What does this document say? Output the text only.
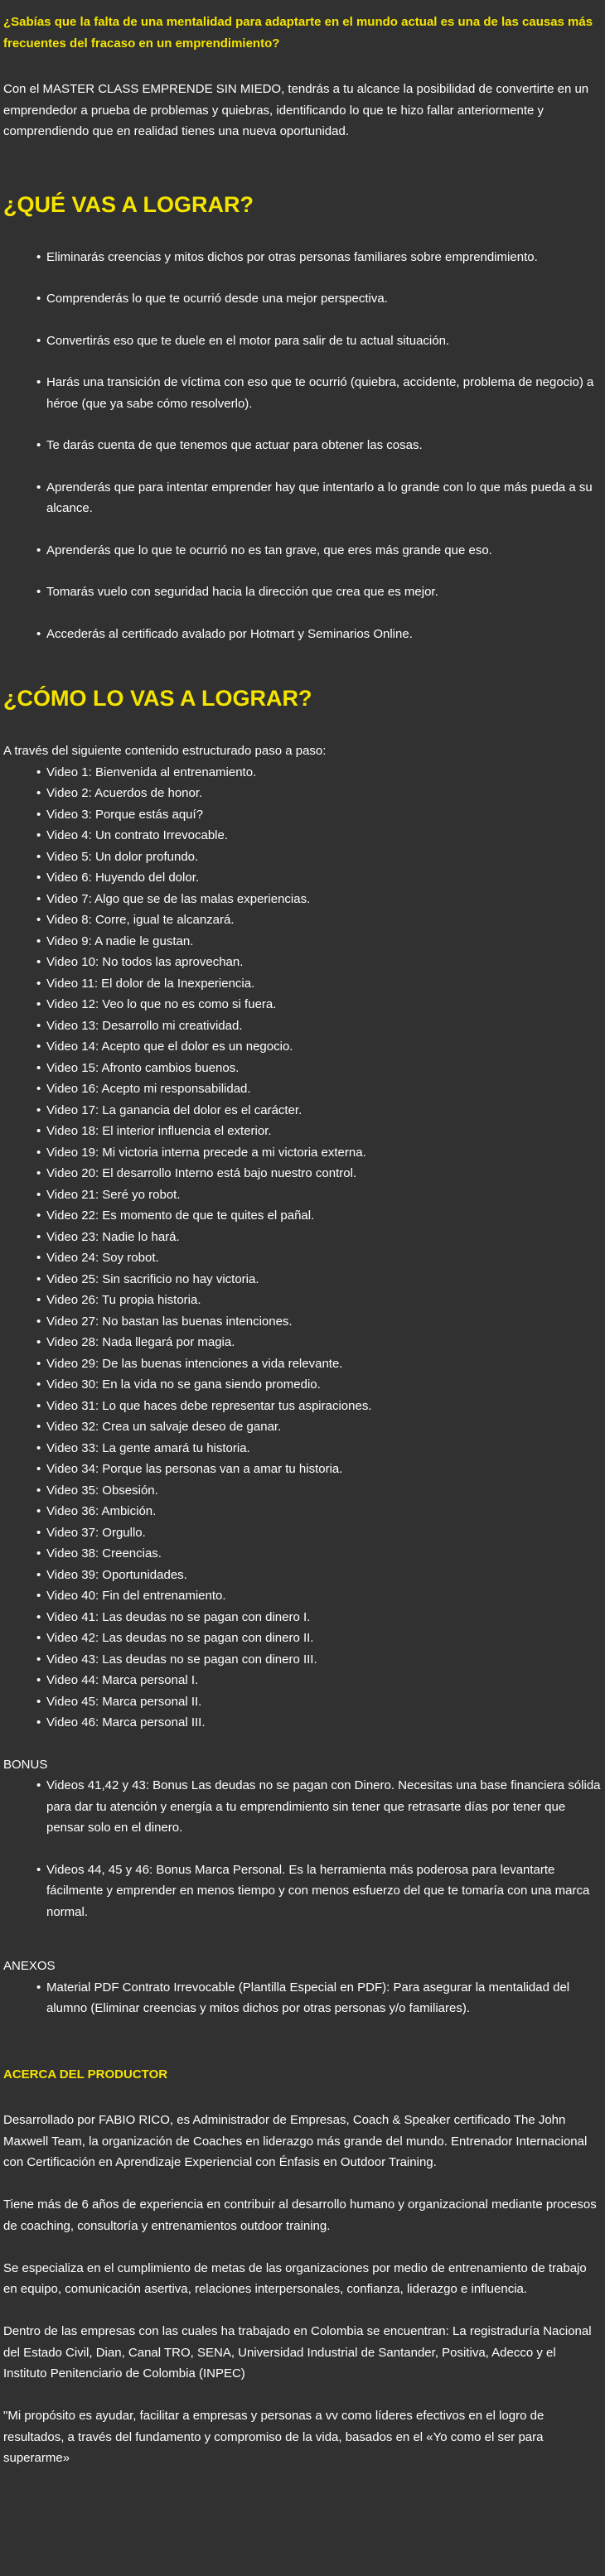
¿Sabías que la falta de una mentalidad para adaptarte en el mundo actual es una de las causas más frecuentes del fracaso en un emprendimiento?

Con el MASTER CLASS EMPRENDE SIN MIEDO, tendrás a tu alcance la posibilidad de convertirte en un emprendedor a prueba de problemas y quiebras, identificando lo que te hizo fallar anteriormente y comprendiendo que en realidad tienes una nueva oportunidad.

¿QUÉ VAS A LOGRAR?
• Eliminarás creencias y mitos dichos por otras personas familiares sobre emprendimiento.
• Comprenderás lo que te ocurrió desde una mejor perspectiva.
• Convertirás eso que te duele en el motor para salir de tu actual situación.
• Harás una transición de víctima con eso que te ocurrió (quiebra, accidente, problema de negocio) a héroe (que ya sabe cómo resolverlo).
• Te darás cuenta de que tenemos que actuar para obtener las cosas.
• Aprenderás que para intentar emprender hay que intentarlo a lo grande con lo que más pueda a su alcance.
• Aprenderás que lo que te ocurrió no es tan grave, que eres más grande que eso.
• Tomarás vuelo con seguridad hacia la dirección que crea que es mejor.
• Accederás al certificado avalado por Hotmart y Seminarios Online.
¿CÓMO LO VAS A LOGRAR?

A través del siguiente contenido estructurado paso a paso:

• Video 1: Bienvenida al entrenamiento.
• Video 2: Acuerdos de honor.
• Video 3: Porque estás aquí?
• Video 4: Un contrato Irrevocable.
• Video 5: Un dolor profundo.
• Video 6: Huyendo del dolor.
• Video 7: Algo que se de las malas experiencias.
• Video 8: Corre, igual te alcanzará.
• Video 9: A nadie le gustan.
• Video 10: No todos las aprovechan.
• Video 11: El dolor de la Inexperiencia.
• Video 12: Veo lo que no es como si fuera.
• Video 13: Desarrollo mi creatividad.
• Video 14: Acepto que el dolor es un negocio.
• Video 15: Afronto cambios buenos.
• Video 16: Acepto mi responsabilidad.
• Video 17: La ganancia del dolor es el carácter.
• Video 18: El interior influencia el exterior.
• Video 19: Mi victoria interna precede a mi victoria externa.
• Video 20: El desarrollo Interno está bajo nuestro control.
• Video 21: Seré yo robot.
• Video 22: Es momento de que te quites el pañal.
• Video 23: Nadie lo hará.
• Video 24: Soy robot.
• Video 25: Sin sacrificio no hay victoria.
• Video 26: Tu propia historia.
• Video 27: No bastan las buenas intenciones.
• Video 28: Nada llegará por magia.
• Video 29: De las buenas intenciones a vida relevante.
• Video 30: En la vida no se gana siendo promedio.
• Video 31: Lo que haces debe representar tus aspiraciones.
• Video 32: Crea un salvaje deseo de ganar.
• Video 33: La gente amará tu historia.
• Video 34: Porque las personas van a amar tu historia.
• Video 35: Obsesión.
• Video 36: Ambición.
• Video 37: Orgullo.
• Video 38: Creencias.
• Video 39: Oportunidades.
• Video 40: Fin del entrenamiento.
• Video 41: Las deudas no se pagan con dinero I.
• Video 42: Las deudas no se pagan con dinero II.
• Video 43: Las deudas no se pagan con dinero III.
• Video 44: Marca personal I.
• Video 45: Marca personal II.
• Video 46: Marca personal III.

BONUS

• Videos 41,42 y 43: Bonus Las deudas no se pagan con Dinero. Necesitas una base financiera sólida para dar tu atención y energía a tu emprendimiento sin tener que retrasarte días por tener que pensar solo en el dinero.
• Videos 44, 45 y 46: Bonus Marca Personal. Es la herramienta más poderosa para levantarte fácilmente y emprender en menos tiempo y con menos esfuerzo del que te tomaría con una marca normal.

ANEXOS

• Material PDF Contrato Irrevocable (Plantilla Especial en PDF): Para asegurar la mentalidad del alumno (Eliminar creencias y mitos dichos por otras personas y/o familiares).

ACERCA DEL PRODUCTOR

Desarrollado por FABIO RICO, es Administrador de Empresas, Coach & Speaker certificado The John Maxwell Team, la organización de Coaches en liderazgo más grande del mundo. Entrenador Internacional con Certificación en Aprendizaje Experiencial con Énfasis en Outdoor Training.

Tiene más de 6 años de experiencia en contribuir al desarrollo humano y organizacional mediante procesos de coaching, consultoría y entrenamientos outdoor training.

Se especializa en el cumplimiento de metas de las organizaciones por medio de entrenamiento de trabajo en equipo, comunicación asertiva, relaciones interpersonales, confianza, liderazgo e influencia.

Dentro de las empresas con las cuales ha trabajado en Colombia se encuentran: La registraduría Nacional del Estado Civil, Dian, Canal TRO, SENA, Universidad Industrial de Santander, Positiva, Adecco y el Instituto Penitenciario de Colombia (INPEC)

"Mi propósito es ayudar, facilitar a empresas y personas a vv como líderes efectivos en el logro de resultados, a través del fundamento y compromiso de la vida, basados en el «Yo como el ser para superarme»
